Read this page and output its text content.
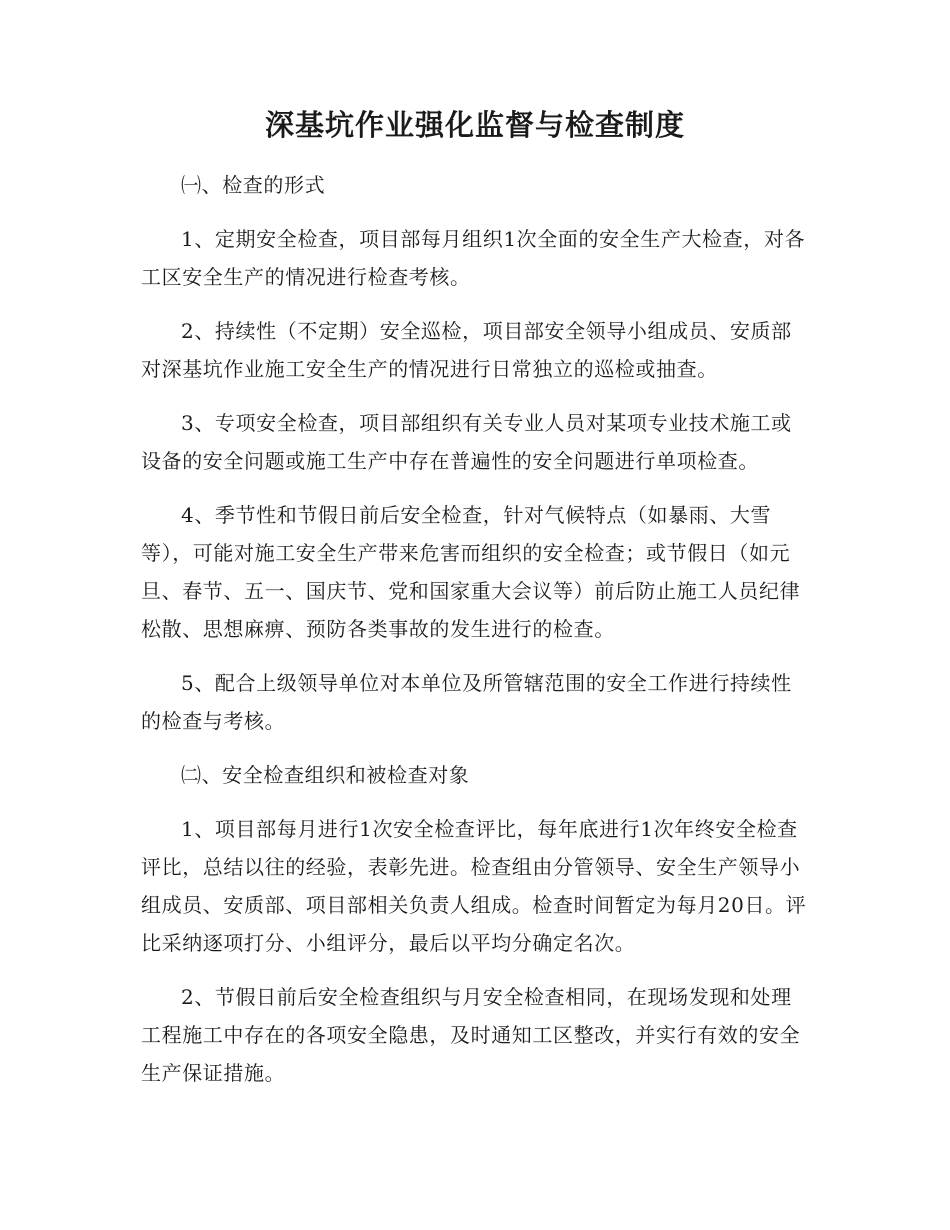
深基坑作业强化监督与检查制度

㈠、检查的形式

1、定期安全检查，项目部每月组织1次全面的安全生产大检查，对各工区安全生产的情况进行检查考核。

2、持续性（不定期）安全巡检，项目部安全领导小组成员、安质部对深基坑作业施工安全生产的情况进行日常独立的巡检或抽查。

3、专项安全检查，项目部组织有关专业人员对某项专业技术施工或设备的安全问题或施工生产中存在普遍性的安全问题进行单项检查。

4、季节性和节假日前后安全检查，针对气候特点（如暴雨、大雪等），可能对施工安全生产带来危害而组织的安全检查；或节假日（如元旦、春节、五一、国庆节、党和国家重大会议等）前后防止施工人员纪律松散、思想麻痹、预防各类事故的发生进行的检查。

5、配合上级领导单位对本单位及所管辖范围的安全工作进行持续性的检查与考核。

㈡、安全检查组织和被检查对象

1、项目部每月进行1次安全检查评比，每年底进行1次年终安全检查评比，总结以往的经验，表彰先进。检查组由分管领导、安全生产领导小组成员、安质部、项目部相关负责人组成。检查时间暂定为每月20日。评比采纳逐项打分、小组评分，最后以平均分确定名次。

2、节假日前后安全检查组织与月安全检查相同，在现场发现和处理工程施工中存在的各项安全隐患，及时通知工区整改，并实行有效的安全生产保证措施。
